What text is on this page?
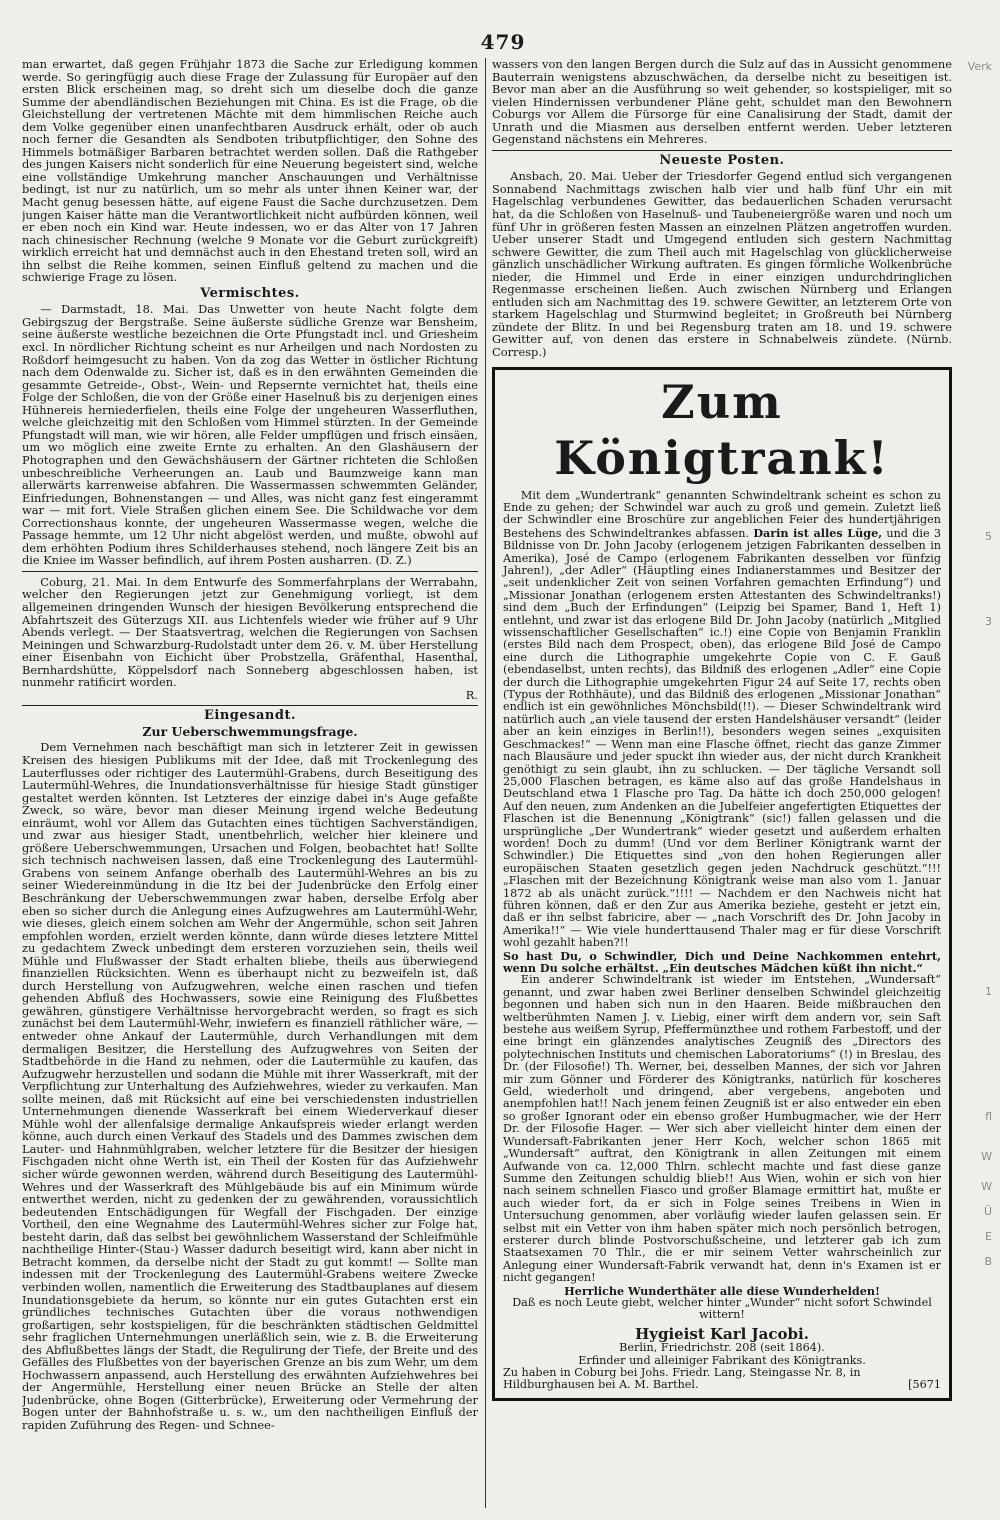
479

man erwartet, daß gegen Frühjahr 1873 die Sache zur Erledigung kommen werde. So geringfügig auch diese Frage der Zulassung für Europäer auf den ersten Blick erscheinen mag, so dreht sich um dieselbe doch die ganze Summe der abendländischen Beziehungen mit China. Es ist die Frage, ob die Gleichstellung der vertretenen Mächte mit dem himmlischen Reiche auch dem Volke gegenüber einen unanfechtbaren Ausdruck erhält, oder ob auch noch ferner die Gesandten als Sendboten tributpflichtiger, den Sohne des Himmels botmäßiger Barbaren betrachtet werden sollen. Daß die Rathgeber des jungen Kaisers nicht sonderlich für eine Neuerung begeistert sind, welche eine vollständige Umkehrung mancher Anschauungen und Verhältnisse bedingt, ist nur zu natürlich, um so mehr als unter ihnen Keiner war, der Macht genug besessen hätte, auf eigene Faust die Sache durchzusetzen. Dem jungen Kaiser hätte man die Verantwortlichkeit nicht aufbürden können, weil er eben noch ein Kind war. Heute indessen, wo er das Alter von 17 Jahren nach chinesischer Rechnung (welche 9 Monate vor die Geburt zurückgreift) wirklich erreicht hat und demnächst auch in den Ehestand treten soll, wird an ihn selbst die Reihe kommen, seinen Einfluß geltend zu machen und die schwierige Frage zu lösen.

Vermischtes.

— Darmstadt, 18. Mai. Das Unwetter von heute Nacht folgte dem Gebirgszug der Bergstraße. Seine äußerste südliche Grenze war Bensheim, seine äußerste westliche bezeichnen die Orte Pfungstadt incl. und Griesheim excl. In nördlicher Richtung scheint es nur Arheilgen und nach Nordosten zu Roßdorf heimgesucht zu haben. Von da zog das Wetter in östlicher Richtung nach dem Odenwalde zu. Sicher ist, daß es in den erwähnten Gemeinden die gesammte Getreide-, Obst-, Wein- und Repsernte vernichtet hat, theils eine Folge der Schloßen, die von der Größe einer Haselnuß bis zu derjenigen eines Hühnereis herniederfielen, theils eine Folge der ungeheuren Wasserfluthen, welche gleichzeitig mit den Schloßen vom Himmel stürzten. In der Gemeinde Pfungstadt will man, wie wir hören, alle Felder umpflügen und frisch einsäen, um wo möglich eine zweite Ernte zu erhalten. An den Glashäusern der Photographen und den Gewächshäusern der Gärtner richteten die Schloßen unbeschreibliche Verheerungen an. Laub und Baumzweige kann man allerwärts karrenweise abfahren. Die Wassermassen schwemmten Geländer, Einfriedungen, Bohnenstangen — und Alles, was nicht ganz fest eingerammt war — mit fort. Viele Straßen glichen einem See. Die Schildwache vor dem Correctionshaus konnte, der ungeheuren Wassermasse wegen, welche die Passage hemmte, um 12 Uhr nicht abgelöst werden, und mußte, obwohl auf dem erhöhten Podium ihres Schilderhauses stehend, noch längere Zeit bis an die Kniee im Wasser befindlich, auf ihrem Posten ausharren. (D. Z.)

Coburg, 21. Mai. In dem Entwurfe des Sommerfahrplans der Werrabahn, welcher den Regierungen jetzt zur Genehmigung vorliegt, ist dem allgemeinen dringenden Wunsch der hiesigen Bevölkerung entsprechend die Abfahrtszeit des Güterzugs XII. aus Lichtenfels wieder wie früher auf 9 Uhr Abends verlegt. — Der Staatsvertrag, welchen die Regierungen von Sachsen Meiningen und Schwarzburg-Rudolstadt unter dem 26. v. M. über Herstellung einer Eisenbahn von Eichicht über Probstzella, Gräfenthal, Hasenthal, Bernhardshütte, Köppelsdorf nach Sonneberg abgeschlossen haben, ist nunmehr ratificirt worden.

R.

Eingesandt.
Zur Ueberschwemmungsfrage.

Dem Vernehmen nach beschäftigt man sich in letzterer Zeit in gewissen Kreisen des hiesigen Publikums mit der Idee, daß mit Trockenlegung des Lauterflusses oder richtiger des Lautermühl-Grabens, durch Beseitigung des Lautermühl-Wehres, die Inundationsverhältnisse für hiesige Stadt günstiger gestaltet werden könnten. Ist Letzteres der einzige dabei in's Auge gefaßte Zweck, so wäre, bevor man dieser Meinung irgend welche Bedeutung einräumt, wohl vor Allem das Gutachten eines tüchtigen Sachverständigen, und zwar aus hiesiger Stadt, unentbehrlich, welcher hier kleinere und größere Ueberschwemmungen, Ursachen und Folgen, beobachtet hat! Sollte sich technisch nachweisen lassen, daß eine Trockenlegung des Lautermühl-Grabens von seinem Anfange oberhalb des Lautermühl-Wehres an bis zu seiner Wiedereinmündung in die Itz bei der Judenbrücke den Erfolg einer Beschränkung der Ueberschwemmungen zwar haben, derselbe Erfolg aber eben so sicher durch die Anlegung eines Aufzugwehres am Lautermühl-Wehr, wie dieses, gleich einem solchen am Wehr der Angermühle, schon seit Jahren empfohlen worden, erzielt werden könnte, dann würde dieses letztere Mittel zu gedachtem Zweck unbedingt dem ersteren vorzuziehen sein, theils weil Mühle und Flußwasser der Stadt erhalten bliebe, theils aus überwiegend finanziellen Rücksichten. Wenn es überhaupt nicht zu bezweifeln ist, daß durch Herstellung von Aufzugwehren, welche einen raschen und tiefen gehenden Abfluß des Hochwassers, sowie eine Reinigung des Flußbettes gewähren, günstigere Verhältnisse hervorgebracht werden, so fragt es sich zunächst bei dem Lautermühl-Wehr, inwiefern es finanziell räthlicher wäre, — entweder ohne Ankauf der Lautermühle, durch Verhandlungen mit dem dermaligen Besitzer, die Herstellung des Aufzugwehres von Seiten der Stadtbehörde in die Hand zu nehmen, oder die Lautermühle zu kaufen, das Aufzugwehr herzustellen und sodann die Mühle mit ihrer Wasserkraft, mit der Verpflichtung zur Unterhaltung des Aufziehwehres, wieder zu verkaufen. Man sollte meinen, daß mit Rücksicht auf eine bei verschiedensten industriellen Unternehmungen dienende Wasserkraft bei einem Wiederverkauf dieser Mühle wohl der allenfalsige dermalige Ankaufspreis wieder erlangt werden könne, auch durch einen Verkauf des Stadels und des Dammes zwischen dem Lauter- und Hahnmühlgraben, welcher letztere für die Besitzer der hiesigen Fischgaden nicht ohne Werth ist, ein Theil der Kosten für das Aufziehwehr sicher würde gewonnen werden, während durch Beseitigung des Lautermühl-Wehres und der Wasserkraft des Mühlgebäude bis auf ein Minimum würde entwerthet werden, nicht zu gedenken der zu gewährenden, voraussichtlich bedeutenden Entschädigungen für Wegfall der Fischgaden. Der einzige Vortheil, den eine Wegnahme des Lautermühl-Wehres sicher zur Folge hat, besteht darin, daß das selbst bei gewöhnlichem Wasserstand der Schleifmühle nachtheilige Hinter-(Stau-) Wasser dadurch beseitigt wird, kann aber nicht in Betracht kommen, da derselbe nicht der Stadt zu gut kommt! — Sollte man indessen mit der Trockenlegung des Lautermühl-Grabens weitere Zwecke verbinden wollen, namentlich die Erweiterung des Stadtbauplanes auf diesem Inundationsgebiete da herum, so könnte nur ein gutes Gutachten erst ein gründliches technisches Gutachten über die voraus nothwendigen großartigen, sehr kostspieligen, für die beschränkten städtischen Geldmittel sehr fraglichen Unternehmungen unerläßlich sein, wie z. B. die Erweiterung des Abflußbettes längs der Stadt, die Regulirung der Tiefe, der Breite und des Gefälles des Flußbettes von der bayerischen Grenze an bis zum Wehr, um dem Hochwassern anpassend, auch Herstellung des erwähnten Aufziehwehres bei der Angermühle, Herstellung einer neuen Brücke an Stelle der alten Judenbrücke, ohne Bogen (Gitterbrücke), Erweiterung oder Vermehrung der Bogen unter der Bahnhofstraße u. s. w., um den nachtheiligen Einfluß der rapiden Zuführung des Regen- und Schnee-

wassers von den langen Bergen durch die Sulz auf das in Aussicht genommene Bauterrain wenigstens abzuschwächen, da derselbe nicht zu beseitigen ist. Bevor man aber an die Ausführung so weit gehender, so kostspieliger, mit so vielen Hindernissen verbundener Pläne geht, schuldet man den Bewohnern Coburgs vor Allem die Fürsorge für eine Canalisirung der Stadt, damit der Unrath und die Miasmen aus derselben entfernt werden. Ueber letzteren Gegenstand nächstens ein Mehreres.

Neueste Posten.

Ansbach, 20. Mai. Ueber der Triesdorfer Gegend entlud sich vergangenen Sonnabend Nachmittags zwischen halb vier und halb fünf Uhr ein mit Hagelschlag verbundenes Gewitter, das bedauerlichen Schaden verursacht hat, da die Schloßen von Haselnuß- und Taubeneiergröße waren und noch um fünf Uhr in größeren festen Massen an einzelnen Plätzen angetroffen wurden. Ueber unserer Stadt und Umgegend entluden sich gestern Nachmittag schwere Gewitter, die zum Theil auch mit Hagelschlag von glücklicherweise gänzlich unschädlicher Wirkung auftraten. Es gingen förmliche Wolkenbrüche nieder, die Himmel und Erde in einer einzigen undurchdringlichen Regenmasse erscheinen ließen. Auch zwischen Nürnberg und Erlangen entluden sich am Nachmittag des 19. schwere Gewitter, an letzterem Orte von starkem Hagelschlag und Sturmwind begleitet; in Großreuth bei Nürnberg zündete der Blitz. In und bei Regensburg traten am 18. und 19. schwere Gewitter auf, von denen das erstere in Schnabelweis zündete. (Nürnb. Corresp.)

Zum Königtrank!

Mit dem „Wundertrank“ genannten Schwindeltrank scheint es schon zu Ende zu gehen; der Schwindel war auch zu groß und gemein. Zuletzt ließ der Schwindler eine Broschüre zur angeblichen Feier des hundertjährigen Bestehens des Schwindeltrankes abfassen. Darin ist alles Lüge, und die 3 Bildnisse von Dr. John Jacoby (erlogenem jetzigen Fabrikanten desselben in Amerika), José de Campo (erlogenem Fabrikanten desselben vor fünfzig Jahren!), „der Adler“ (Häuptling eines Indianerstammes und Besitzer der „seit undenklicher Zeit von seinen Vorfahren gemachten Erfindung“) und „Missionar Jonathan (erlogenem ersten Attestanten des Schwindeltranks!) sind dem „Buch der Erfindungen“ (Leipzig bei Spamer, Band 1, Heft 1) entlehnt, und zwar ist das erlogene Bild Dr. John Jacoby (natürlich „Mitglied wissenschaftlicher Gesellschaften“ ic.!) eine Copie von Benjamin Franklin (erstes Bild nach dem Prospect, oben), das erlogene Bild José de Campo eine durch die Lithographie umgekehrte Copie von C. F. Gauß (ebendaselbst, unten rechts), das Bildniß des erlogenen „Adler“ eine Copie der durch die Lithographie umgekehrten Figur 24 auf Seite 17, rechts oben (Typus der Rothhäute), und das Bildniß des erlogenen „Missionar Jonathan“ endlich ist ein gewöhnliches Mönchsbild(!!). — Dieser Schwindeltrank wird natürlich auch „an viele tausend der ersten Handelshäuser versandt“ (leider aber an kein einziges in Berlin!!), besonders wegen seines „exquisiten Geschmackes!“ — Wenn man eine Flasche öffnet, riecht das ganze Zimmer nach Blausäure und jeder spuckt ihn wieder aus, der nicht durch Krankheit genöthigt zu sein glaubt, ihn zu schlucken. — Der tägliche Versandt soll 25,000 Flaschen betragen, es käme also auf das große Handelshaus in Deutschland etwa 1 Flasche pro Tag. Da hätte ich doch 250,000 gelogen! Auf den neuen, zum Andenken an die Jubelfeier angefertigten Etiquettes der Flaschen ist die Benennung „Königtrank“ (sic!) fallen gelassen und die ursprüngliche „Der Wundertrank“ wieder gesetzt und außerdem erhalten worden! Doch zu dumm! (Und vor dem Berliner Königtrank warnt der Schwindler.) Die Etiquettes sind „von den hohen Regierungen aller europäischen Staaten gesetzlich gegen jeden Nachdruck geschützt.“!!! „Flaschen mit der Bezeichnung Königtrank weise man also vom 1. Januar 1872 ab als unächt zurück.“!!!! — Nachdem er den Nachweis nicht hat führen können, daß er den Zur aus Amerika beziehe, gesteht er jetzt ein, daß er ihn selbst fabricire, aber — „nach Vorschrift des Dr. John Jacoby in Amerika!!“ — Wie viele hunderttausend Thaler mag er für diese Vorschrift wohl gezahlt haben?!!

So hast Du, o Schwindler, Dich und Deine Nachkommen entehrt, wenn Du solche erhältst. „Ein deutsches Mädchen küßt ihn nicht.“

Ein anderer Schwindeltrank ist wieder im Entstehen, „Wundersaft“ genannt, und zwar haben zwei Berliner denselben Schwindel gleichzeitig begonnen und haben sich nun in den Haaren. Beide mißbrauchen den weltberühmten Namen J. v. Liebig, einer wirft dem andern vor, sein Saft bestehe aus weißem Syrup, Pfeffermünzthee und rothem Farbestoff, und der eine bringt ein glänzendes analytisches Zeugniß des „Directors des polytechnischen Instituts und chemischen Laboratoriums“ (!) in Breslau, des Dr. (der Filosofie!) Th. Werner, bei, desselben Mannes, der sich vor Jahren mir zum Gönner und Förderer des Königtranks, natürlich für koscheres Geld, wiederholt und dringend, aber vergebens, angeboten und anempfohlen hat!! Nach jenem feinen Zeugniß ist er also entweder ein eben so großer Ignorant oder ein ebenso großer Humbugmacher, wie der Herr Dr. der Filosofie Hager. — Wer sich aber vielleicht hinter dem einen der Wundersaft-Fabrikanten jener Herr Koch, welcher schon 1865 mit „Wundersaft“ auftrat, den Königtrank in allen Zeitungen mit einem Aufwande von ca. 12,000 Thlrn. schlecht machte und fast diese ganze Summe den Zeitungen schuldig blieb!! Aus Wien, wohin er sich von hier nach seinem schnellen Fiasco und großer Blamage ermittirt hat, mußte er auch wieder fort, da er sich in Folge seines Treibens in Wien in Untersuchung genommen, aber vorläufig wieder laufen gelassen sein. Er selbst mit ein Vetter von ihm haben später mich noch persönlich betrogen, ersterer durch blinde Postvorschußscheine, und letzterer gab ich zum Staatsexamen 70 Thlr., die er mir seinem Vetter wahrscheinlich zur Anlegung einer Wundersaft-Fabrik verwandt hat, denn in's Examen ist er nicht gegangen!

Herrliche Wunderthäter alle diese Wunderhelden!

Daß es noch Leute giebt, welcher hinter „Wunder“ nicht sofort Schwindel wittern!

Hygieist Karl Jacobi.

Berlin, Friedrichstr. 208 (seit 1864).

Erfinder und alleiniger Fabrikant des Königtranks.

Zu haben in Coburg bei Johs. Friedr. Lang, Steingasse Nr. 8, in Hildburghausen bei A. M. Barthel.	[5671

Verk
5
3
1
fl
W
W
Ü
E
B
